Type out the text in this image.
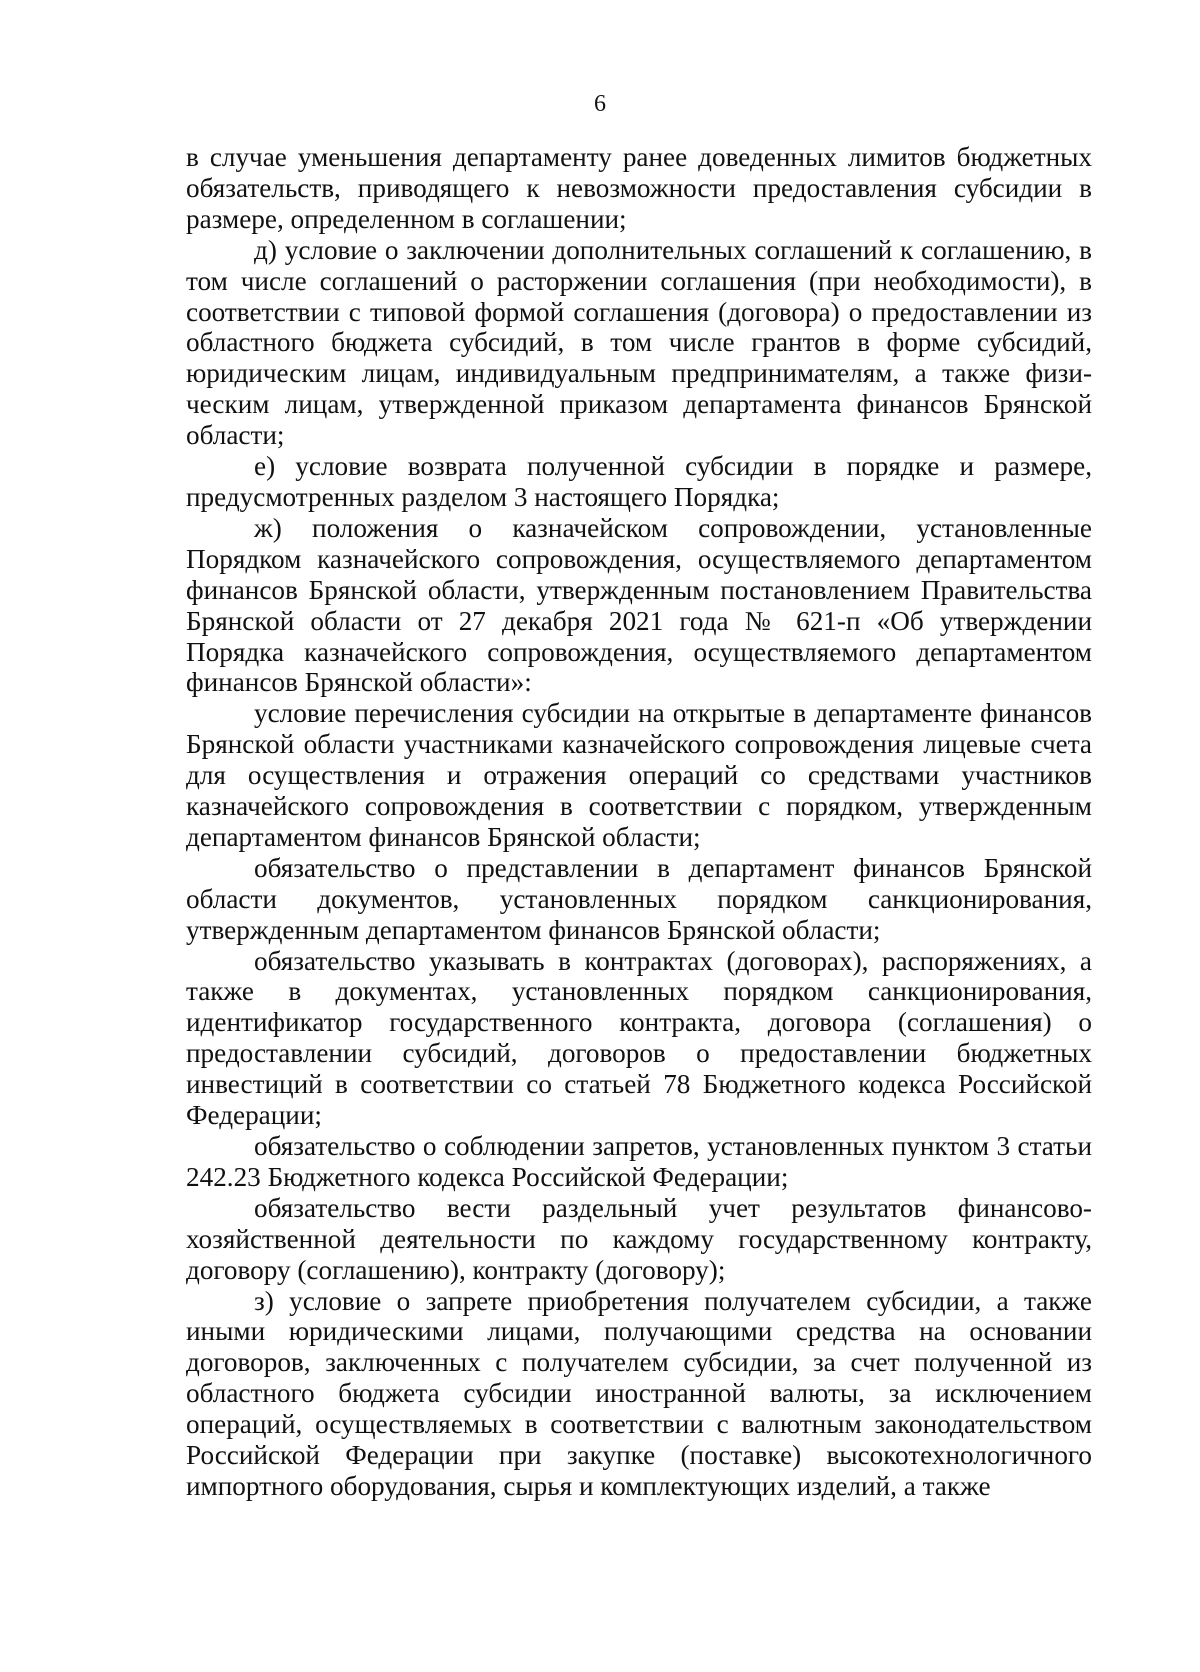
6

в случае уменьшения департаменту ранее доведенных лимитов бюджетных обязательств, приводящего к невозможности предоставления субсидии в размере, определенном в соглашении;

д) условие о заключении дополнительных соглашений к соглашению, в том числе соглашений о расторжении соглашения (при необходимости), в соответствии с типовой формой соглашения (договора) о предоставлении из областного бюджета субсидий, в том числе грантов в форме субсидий, юридическим лицам, индивидуальным предпринимателям, а также физическим лицам, утвержденной приказом департамента финансов Брянской области;

е) условие возврата полученной субсидии в порядке и размере, предусмотренных разделом 3 настоящего Порядка;

ж) положения о казначейском сопровождении, установленные Порядком казначейского сопровождения, осуществляемого департаментом финансов Брянской области, утвержденным постановлением Правительства Брянской области от 27 декабря 2021 года № 621-п «Об утверждении Порядка казначейского сопровождения, осуществляемого департаментом финансов Брянской области»:

условие перечисления субсидии на открытые в департаменте финансов Брянской области участниками казначейского сопровождения лицевые счета для осуществления и отражения операций со средствами участников казначейского сопровождения в соответствии с порядком, утвержденным департаментом финансов Брянской области;

обязательство о представлении в департамент финансов Брянской области документов, установленных порядком санкционирования, утвержденным департаментом финансов Брянской области;

обязательство указывать в контрактах (договорах), распоряжениях, а также в документах, установленных порядком санкционирования, идентификатор государственного контракта, договора (соглашения) о предоставлении субсидий, договоров о предоставлении бюджетных инвестиций в соответствии со статьей 78 Бюджетного кодекса Российской Федерации;

обязательство о соблюдении запретов, установленных пунктом 3 статьи 242.23 Бюджетного кодекса Российской Федерации;

обязательство вести раздельный учет результатов финансово-хозяйственной деятельности по каждому государственному контракту, договору (соглашению), контракту (договору);

з) условие о запрете приобретения получателем субсидии, а также иными юридическими лицами, получающими средства на основании договоров, заключенных с получателем субсидии, за счет полученной из областного бюджета субсидии иностранной валюты, за исключением операций, осуществляемых в соответствии с валютным законодательством Российской Федерации при закупке (поставке) высокотехнологичного импортного оборудования, сырья и комплектующих изделий, а также
